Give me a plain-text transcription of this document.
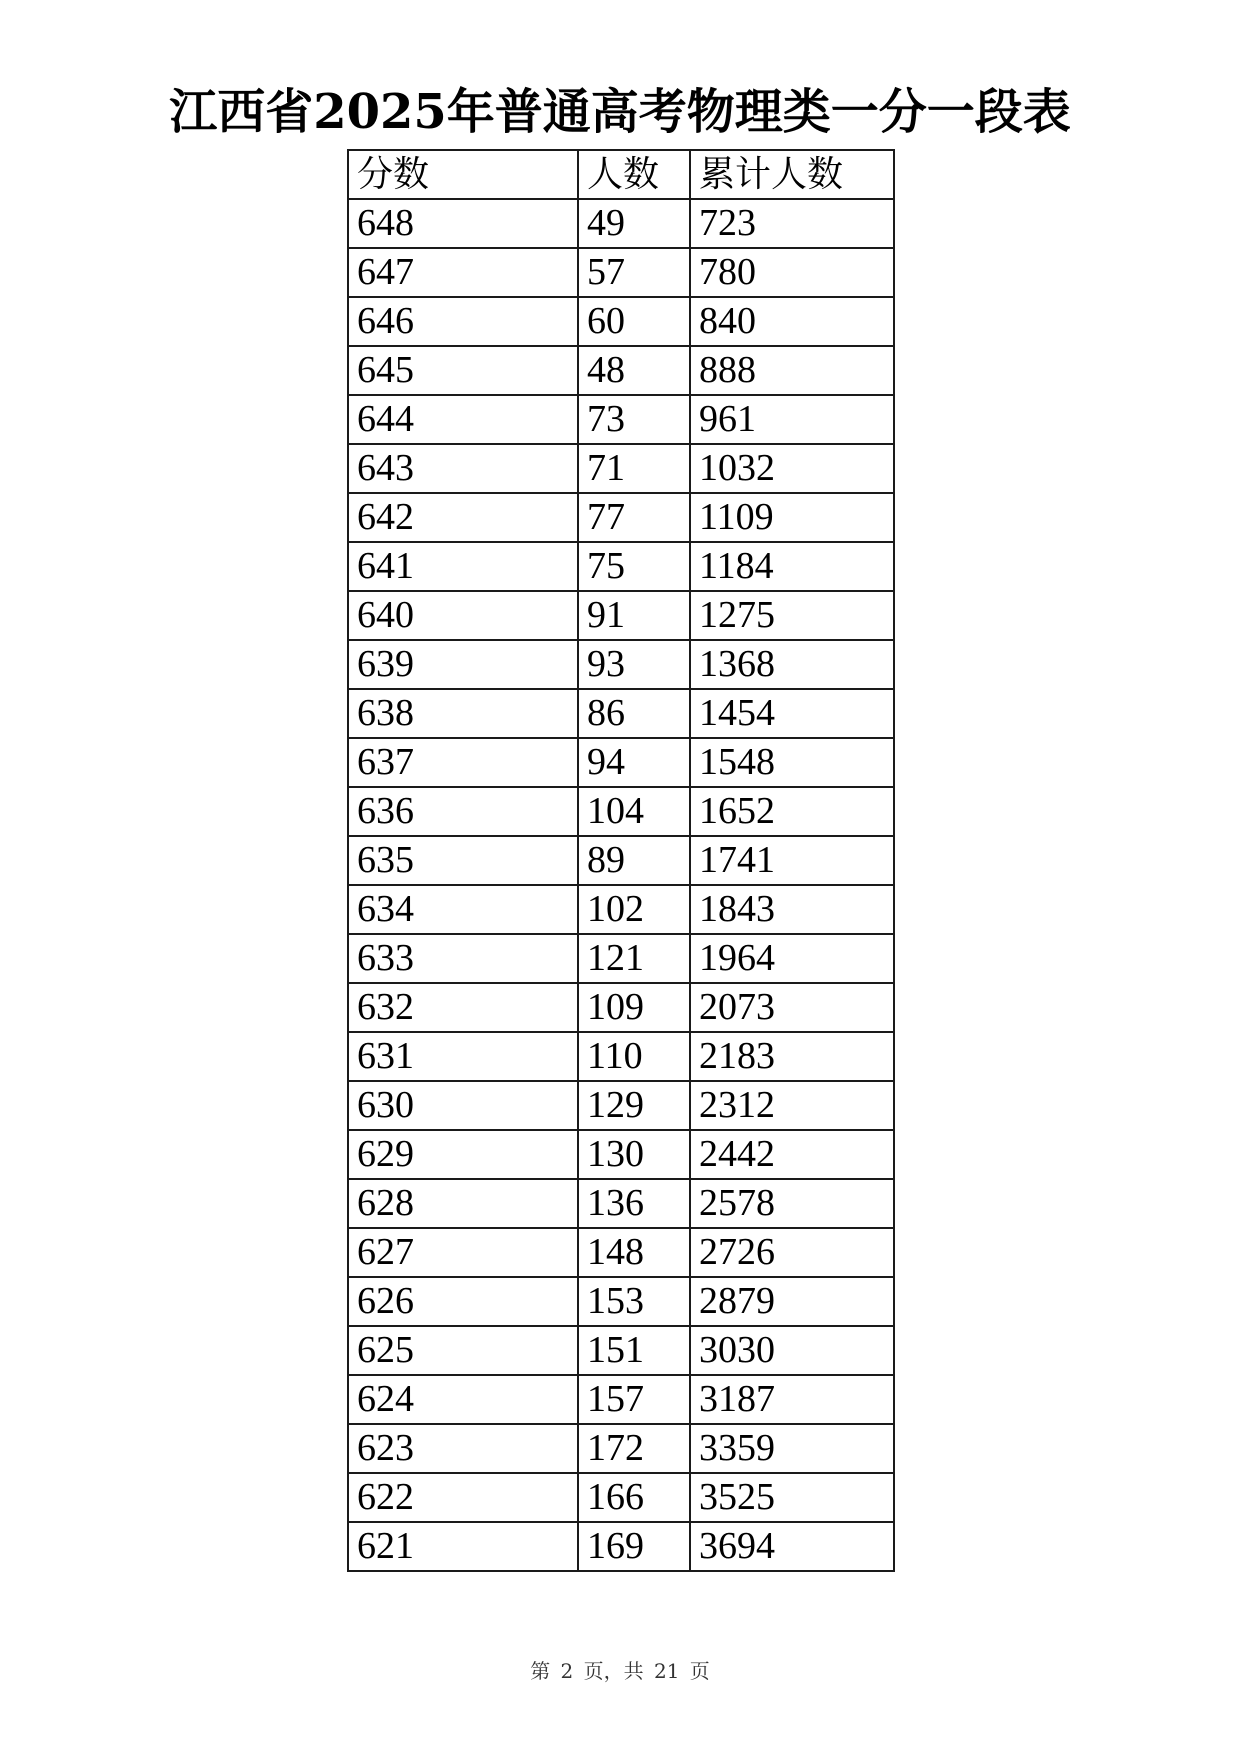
江西省2025年普通高考物理类一分一段表
分数	人数	累计人数
648	49	723
647	57	780
646	60	840
645	48	888
644	73	961
643	71	1032
642	77	1109
641	75	1184
640	91	1275
639	93	1368
638	86	1454
637	94	1548
636	104	1652
635	89	1741
634	102	1843
633	121	1964
632	109	2073
631	110	2183
630	129	2312
629	130	2442
628	136	2578
627	148	2726
626	153	2879
625	151	3030
624	157	3187
623	172	3359
622	166	3525
621	169	3694
第 2 页，共 21 页
